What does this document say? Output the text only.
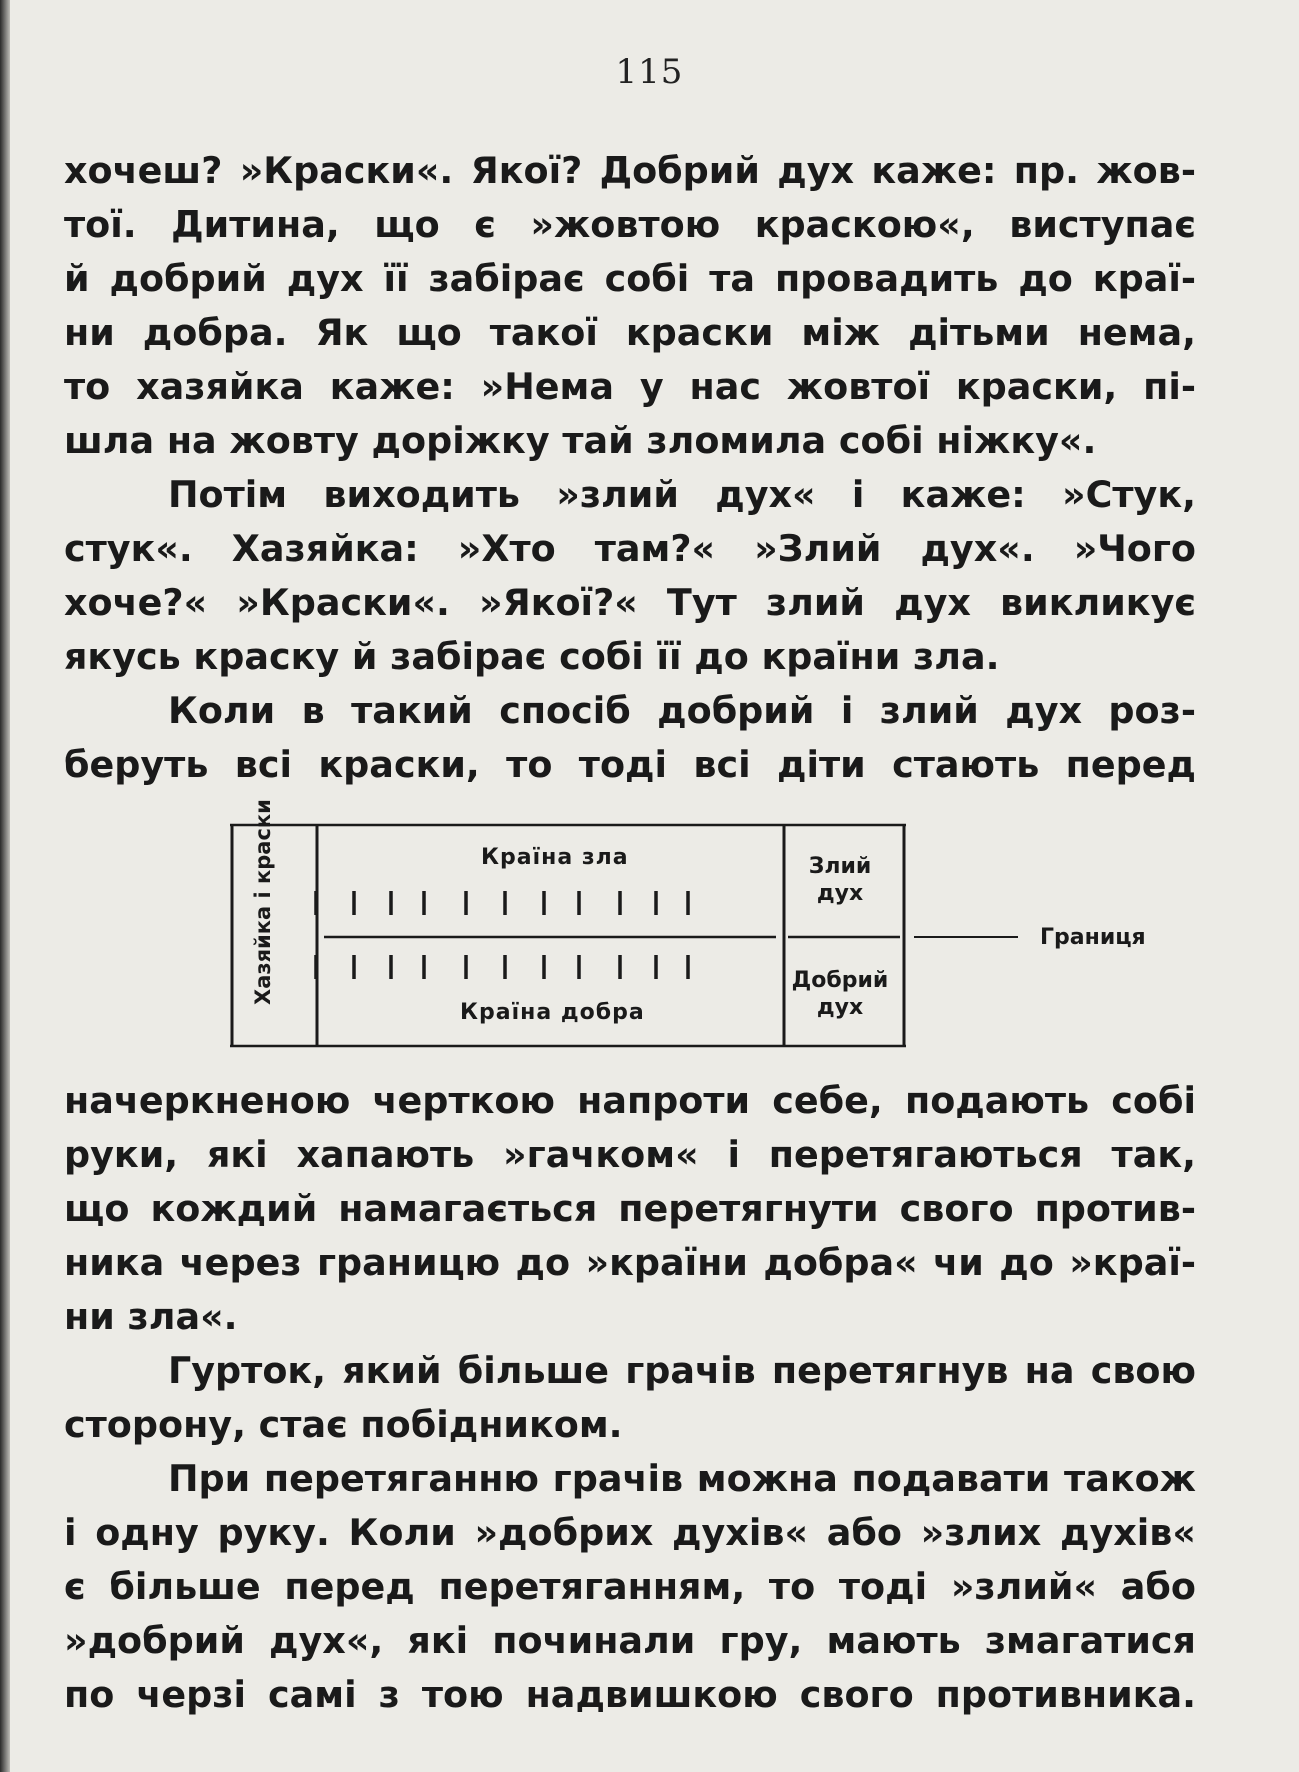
115
хочеш? »Краски«. Якої? Добрий дух каже: пр. жов-
тої. Дитина, що є »жовтою краскою«, виступає
й добрий дух її забірає собі та провадить до краї-
ни добра. Як що такої краски між дітьми нема,
то хазяйка каже: »Нема у нас жовтої краски, пі-
шла на жовту доріжку тай зломила собі ніжку«.
Потім виходить »злий дух« і каже: »Стук,
стук«. Хазяйка: »Хто там?« »Злий дух«. »Чого
хоче?« »Краски«. »Якої?« Тут злий дух викликує
якусь краску й забірає собі її до країни зла.
Коли в такий спосіб добрий і злий дух роз-
беруть всі краски, то тоді всі діти стають перед
Хазяйка і краски	Країна зла
Країна добра
Злий дух
Добрий дух
Границя
начеркненою черткою напроти себе, подають собі
руки, які хапають »гачком« і перетягаються так,
що кождий намагається перетягнути свого против-
ника через границю до »країни добра« чи до »краї-
ни зла«.
Гурток, який більше грачів перетягнув на свою
сторону, стає побідником.
При перетяганню грачів можна подавати також
і одну руку. Коли »добрих духів« або »злих духів«
є більше перед перетяганням, то тоді »злий« або
»добрий дух«, які починали гру, мають змагатися
по черзі самі з тою надвишкою свого противника.
